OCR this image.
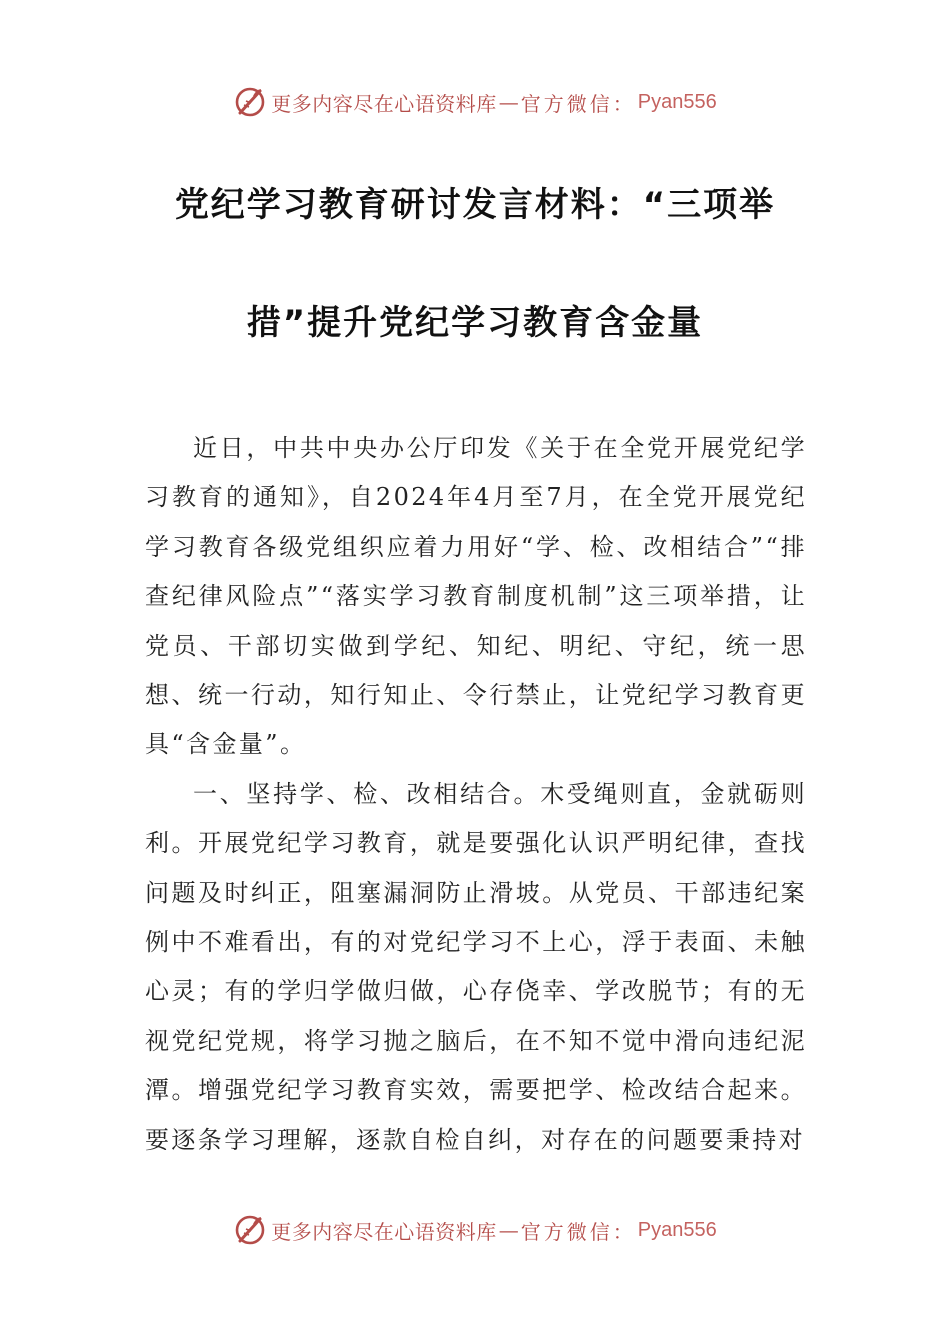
更多内容尽在心语资料库 — 官方微信： Pyan556
党纪学习教育研讨发言材料：“三项举
措”提升党纪学习教育含金量

近日，中共中央办公厅印发《关于在全党开展党纪学习教育的通知》，自2024年4月至7月，在全党开展党纪学习教育各级党组织应着力用好“学、检、改相结合”“排查纪律风险点”“落实学习教育制度机制”这三项举措，让党员、干部切实做到学纪、知纪、明纪、守纪，统一思想、统一行动，知行知止、令行禁止，让党纪学习教育更具“含金量”。

一、坚持学、检、改相结合。木受绳则直，金就砺则利。开展党纪学习教育，就是要强化认识严明纪律，查找问题及时纠正，阻塞漏洞防止滑坡。从党员、干部违纪案例中不难看出，有的对党纪学习不上心，浮于表面、未触心灵；有的学归学做归做，心存侥幸、学改脱节；有的无视党纪党规，将学习抛之脑后，在不知不觉中滑向违纪泥潭。增强党纪学习教育实效，需要把学、检改结合起来。要逐条学习理解，逐款自检自纠，对存在的问题要秉持对

更多内容尽在心语资料库 — 官方微信： Pyan556
